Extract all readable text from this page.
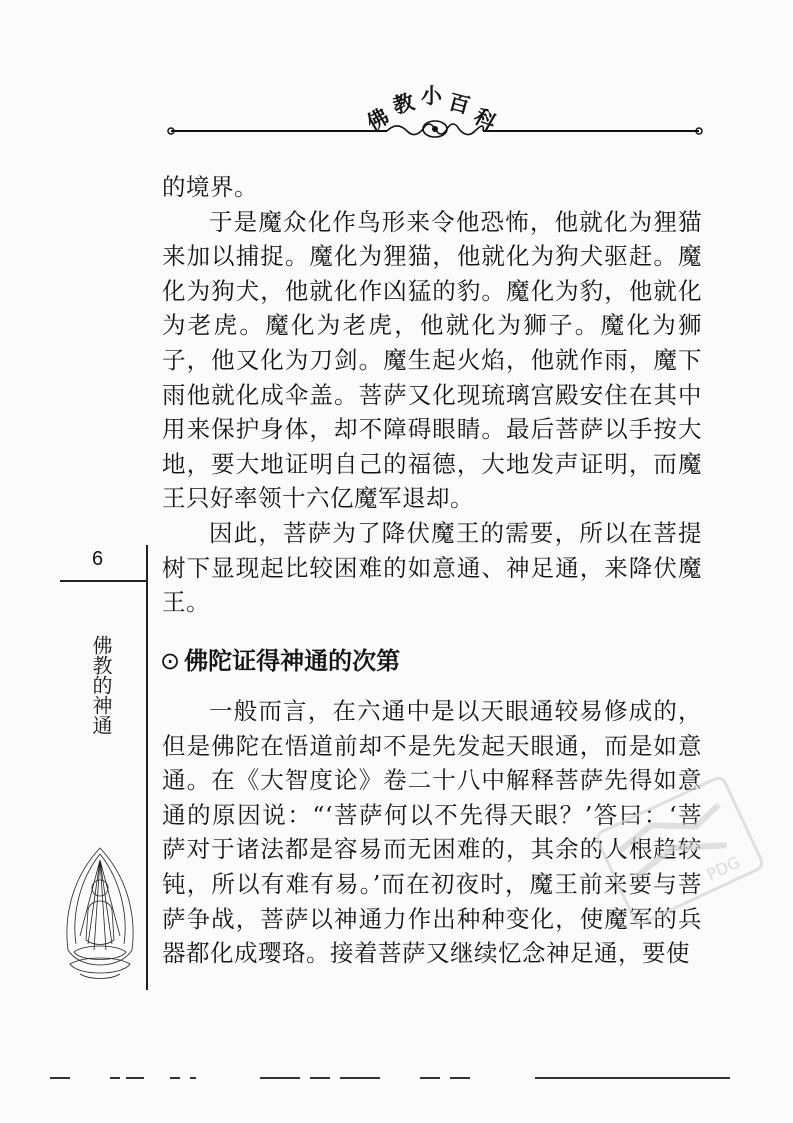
佛
教 小 百
科

的境界。

于是魔众化作鸟形来令他恐怖，他就化为狸猫来加以捕捉。魔化为狸猫，他就化为狗犬驱赶。魔化为狗犬，他就化作凶猛的豹。魔化为豹，他就化为老虎。魔化为老虎，他就化为狮子。魔化为狮子，他又化为刀剑。魔生起火焰，他就作雨，魔下雨他就化成伞盖。菩萨又化现琉璃宫殿安住在其中用来保护身体，却不障碍眼睛。最后菩萨以手按大地，要大地证明自己的福德，大地发声证明，而魔王只好率领十六亿魔军退却。

因此，菩萨为了降伏魔王的需要，所以在菩提树下显现起比较困难的如意通、神足通，来降伏魔王。

⊙ 佛陀证得神通的次第

一般而言，在六通中是以天眼通较易修成的，但是佛陀在悟道前却不是先发起天眼通，而是如意通。在《大智度论》卷二十八中解释菩萨先得如意通的原因说：“‘菩萨何以不先得天眼？’答曰：‘菩萨对于诸法都是容易而无困难的，其余的人根趋较钝，所以有难有易。’而在初夜时，魔王前来要与菩萨争战，菩萨以神通力作出种种变化，使魔军的兵器都化成璎珞。接着菩萨又继续忆念神足通，要使

6
佛教的神通
PDG
